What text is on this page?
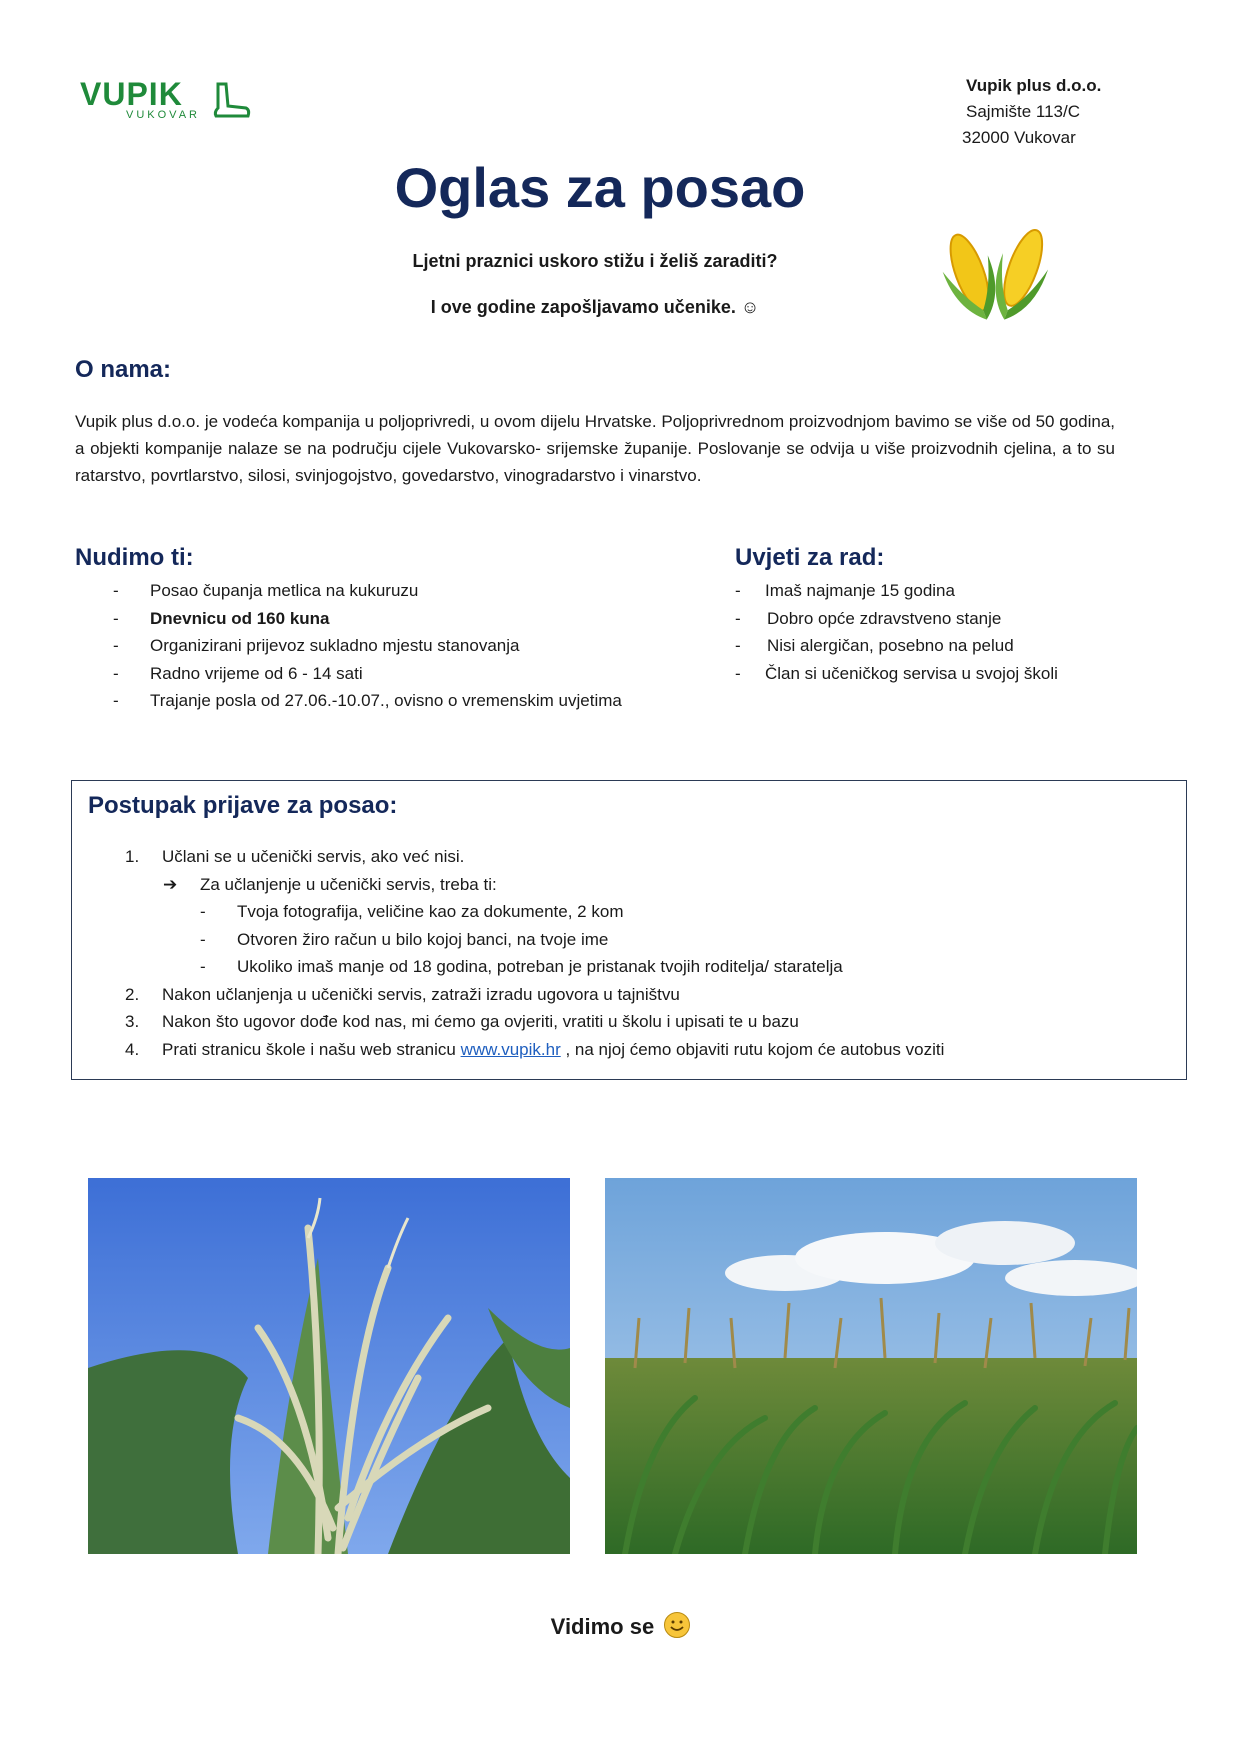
VUPIK
VUKOVAR
Vupik plus d.o.o.
Sajmište 113/C
32000 Vukovar
Oglas za posao
Ljetni praznici uskoro stižu i želiš zaraditi?
I ove godine zapošljavamo učenike. ☺
O nama:
Vupik plus d.o.o. je vodeća kompanija u poljoprivredi, u ovom dijelu Hrvatske. Poljoprivrednom proizvodnjom bavimo se više od 50 godina, a objekti kompanije nalaze se na području cijele Vukovarsko- srijemske županije. Poslovanje se odvija u više proizvodnih cjelina, a to su ratarstvo, povrtlarstvo, silosi, svinjogojstvo, govedarstvo, vinogradarstvo i vinarstvo.
Nudimo ti:
- Posao čupanja metlica na kukuruzu
- Dnevnicu od 160 kuna
- Organizirani prijevoz sukladno mjestu stanovanja
- Radno vrijeme od 6 - 14 sati
- Trajanje posla od 27.06.-10.07., ovisno o vremenskim uvjetima
Uvjeti za rad:
- Imaš najmanje 15 godina
- Dobro opće zdravstveno stanje
- Nisi alergičan, posebno na pelud
- Član si učeničkog servisa u svojoj školi
Postupak prijave za posao:
1. Učlani se u učenički servis, ako već nisi.
➔ Za učlanjenje u učenički servis, treba ti:
- Tvoja fotografija, veličine kao za dokumente, 2 kom
- Otvoren žiro račun u bilo kojoj banci, na tvoje ime
- Ukoliko imaš manje od 18 godina, potreban je pristanak tvojih roditelja/ staratelja
2. Nakon učlanjenja u učenički servis, zatraži izradu ugovora u tajništvu
3. Nakon što ugovor dođe kod nas, mi ćemo ga ovjeriti, vratiti u školu i upisati te u bazu
4. Prati stranicu škole i našu web stranicu www.vupik.hr , na njoj ćemo objaviti rutu kojom će autobus voziti
Vidimo se
